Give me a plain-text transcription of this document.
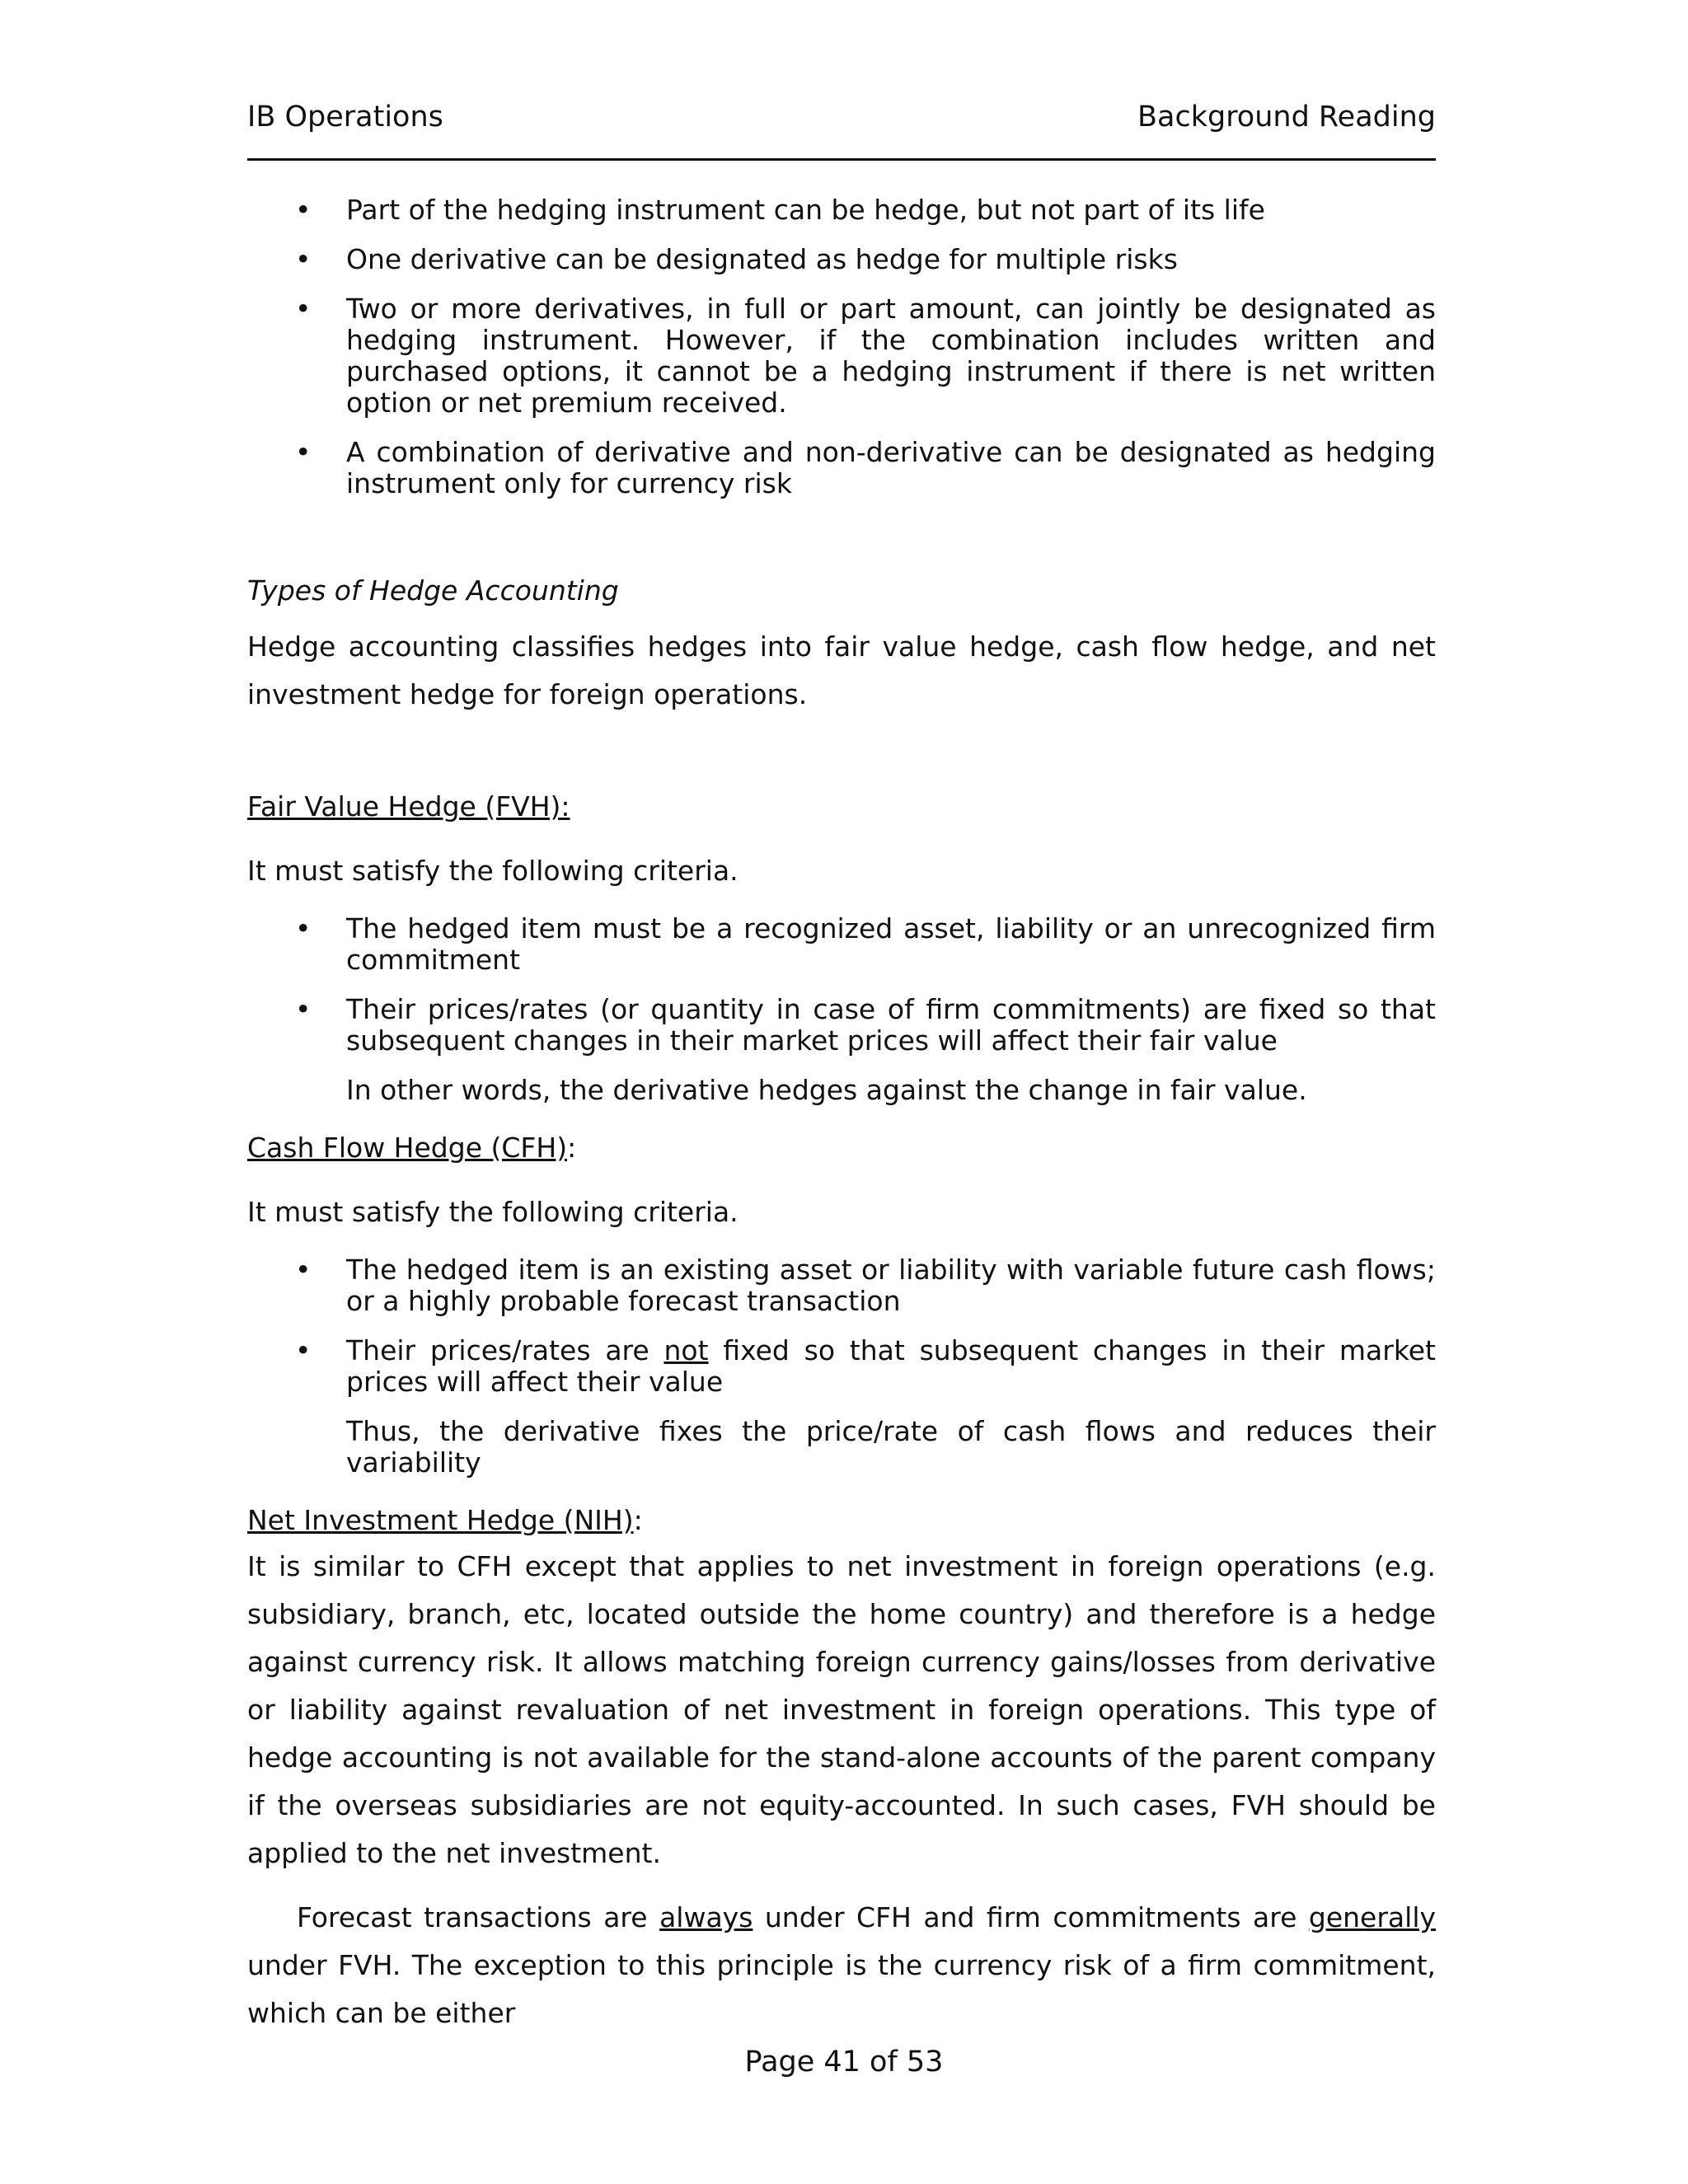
IB Operations	Background Reading
• Part of the hedging instrument can be hedge, but not part of its life
• One derivative can be designated as hedge for multiple risks
• Two or more derivatives, in full or part amount, can jointly be designated as hedging instrument. However, if the combination includes written and purchased options, it cannot be a hedging instrument if there is net written option or net premium received.
• A combination of derivative and non-derivative can be designated as hedging instrument only for currency risk

Types of Hedge Accounting

Hedge accounting classifies hedges into fair value hedge, cash flow hedge, and net investment hedge for foreign operations.

Fair Value Hedge (FVH):

It must satisfy the following criteria.

• The hedged item must be a recognized asset, liability or an unrecognized firm commitment
• Their prices/rates (or quantity in case of firm commitments) are fixed so that subsequent changes in their market prices will affect their fair value

In other words, the derivative hedges against the change in fair value.

Cash Flow Hedge (CFH):

It must satisfy the following criteria.

• The hedged item is an existing asset or liability with variable future cash flows; or a highly probable forecast transaction
• Their prices/rates are not fixed so that subsequent changes in their market prices will affect their value

Thus, the derivative fixes the price/rate of cash flows and reduces their variability

Net Investment Hedge (NIH):

It is similar to CFH except that applies to net investment in foreign operations (e.g. subsidiary, branch, etc, located outside the home country) and therefore is a hedge against currency risk. It allows matching foreign currency gains/losses from derivative or liability against revaluation of net investment in foreign operations. This type of hedge accounting is not available for the stand-alone accounts of the parent company if the overseas subsidiaries are not equity-accounted. In such cases, FVH should be applied to the net investment.

Forecast transactions are always under CFH and firm commitments are generally under FVH. The exception to this principle is the currency risk of a firm commitment, which can be either

Page 41 of 53
